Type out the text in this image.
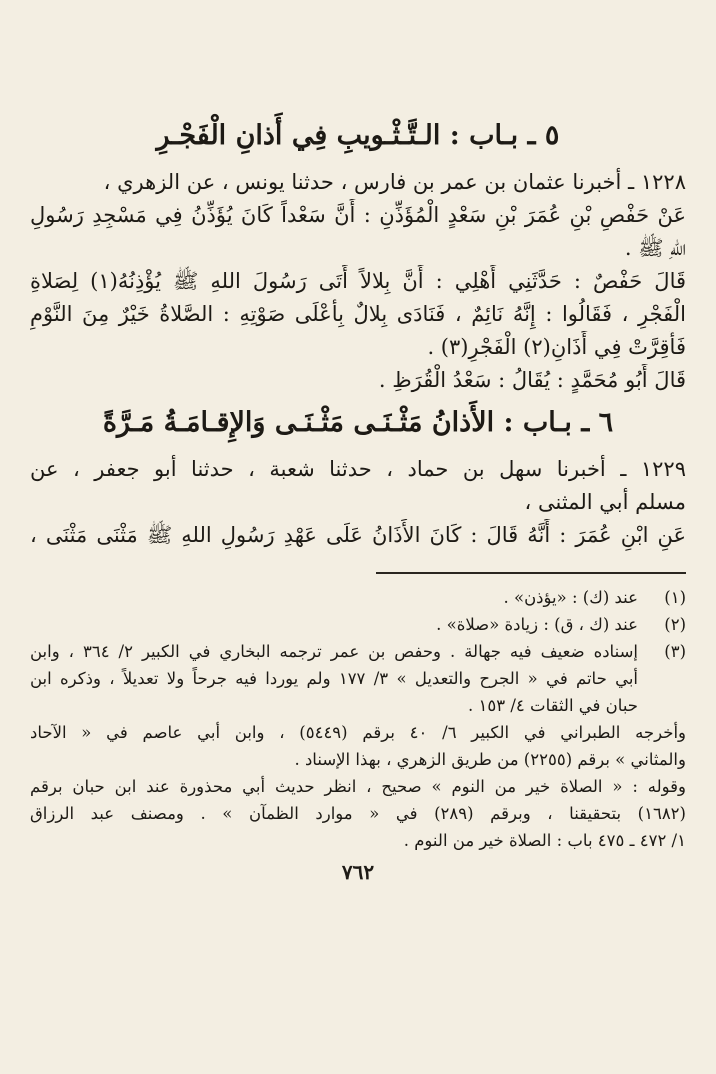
٥ ـ بـاب : الـتَّـثْـويبِ فِي أَذانِ الْفَجْـرِ

١٢٢٨ ـ أخبرنا عثمان بن عمر بن فارس ، حدثنا يونس ، عن الزهري ،

عَنْ حَفْصِ بْنِ عُمَرَ بْنِ سَعْدٍ الْمُؤَذِّنِ : أَنَّ سَعْداً كَانَ يُؤَذِّنُ فِي مَسْجِدِ رَسُولِ

اللهِ ﷺ .

قَالَ حَفْصٌ : حَدَّثَنِي أَهْلِي : أَنَّ بِلالاً أَتَى رَسُولَ اللهِ ﷺ يُؤْذِنُهُ(١) لِصَلاةِ

الْفَجْرِ ، فَقَالُوا : إِنَّهُ نَائِمٌ ، فَنَادَى بِلالٌ بِأَعْلَى صَوْتِهِ : الصَّلاةُ خَيْرٌ مِنَ النَّوْمِ

فَأُقِرَّتْ فِي أَذَانِ(٢) الْفَجْرِ(٣) .

قَالَ أَبُو مُحَمَّدٍ : يُقَالُ : سَعْدُ الْقُرَظِ .

٦ ـ بـاب : الأَذانُ مَثْـنَـى مَثْـنَـى وَالإِقـامَـةُ مَـرَّةً

١٢٢٩ ـ أخبرنا سهل بن حماد ، حدثنا شعبة ، حدثنا أبو جعفر ، عن

مسلم أبي المثنى ،

عَنِ ابْنِ عُمَرَ : أَنَّهُ قَالَ : كَانَ الأَذَانُ عَلَى عَهْدِ رَسُولِ اللهِ ﷺ مَثْنَى مَثْنَى ،

(١)

عند (ك) : «يؤذن» .

(٢)

عند (ك ، ق) : زيادة «صلاة» .

(٣)

إسناده ضعيف فيه جهالة . وحفص بن عمر ترجمه البخاري في الكبير ٢/ ٣٦٤ ، وابن

أبي حاتم في « الجرح والتعديل » ٣/ ١٧٧ ولم يوردا فيه جرحاً ولا تعديلاً ، وذكره ابن

حبان في الثقات ٤/ ١٥٣ .

وأخرجه الطبراني في الكبير ٦/ ٤٠ برقم (٥٤٤٩) ، وابن أبي عاصم في « الآحاد

والمثاني » برقم (٢٢٥٥) من طريق الزهري ، بهذا الإسناد .

وقوله : « الصلاة خير من النوم » صحيح ، انظر حديث أبي محذورة عند ابن حبان برقم

(١٦٨٢) بتحقيقنا ، وبرقم (٢٨٩) في « موارد الظمآن » . ومصنف عبد الرزاق

١/ ٤٧٢ ـ ٤٧٥ باب : الصلاة خير من النوم .

٧٦٢
